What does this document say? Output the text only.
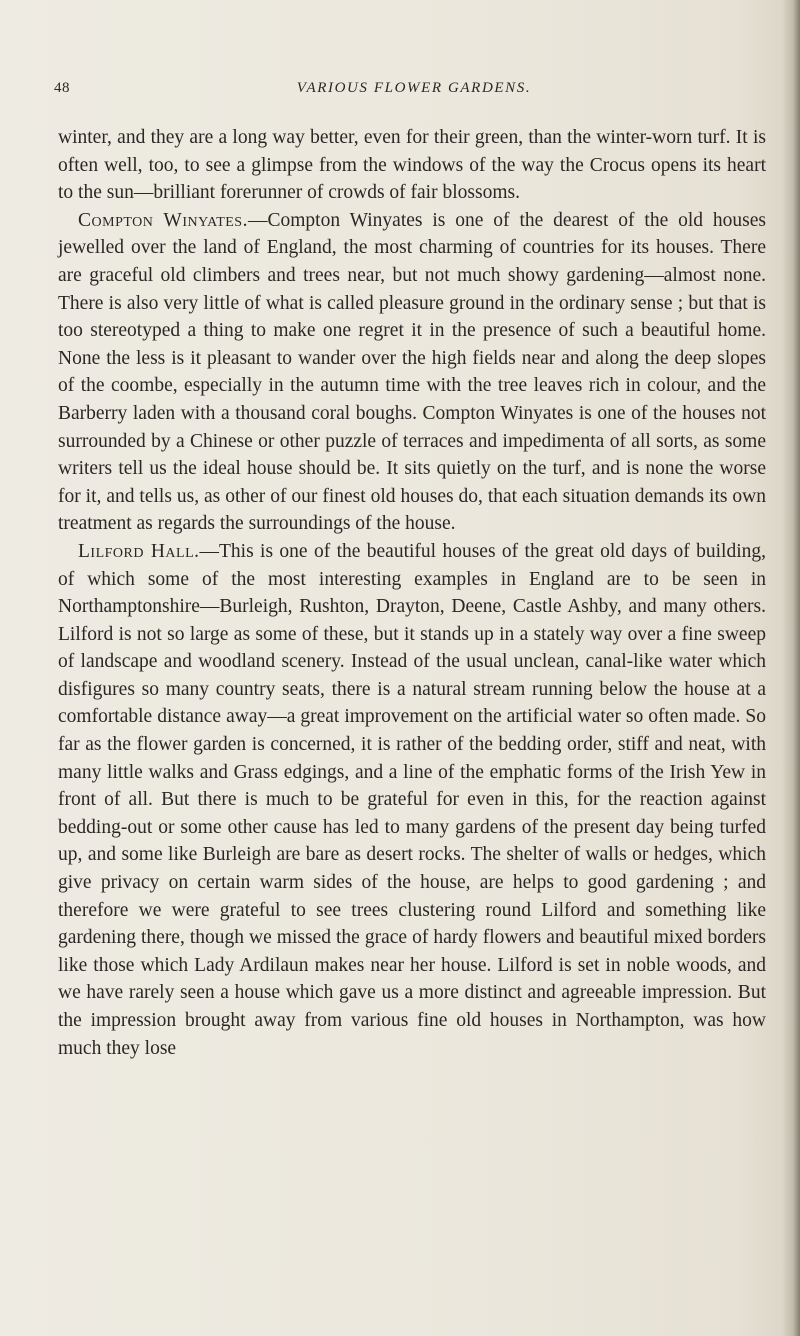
48	VARIOUS FLOWER GARDENS.

winter, and they are a long way better, even for their green, than the winter-worn turf. It is often well, too, to see a glimpse from the windows of the way the Crocus opens its heart to the sun—brilliant forerunner of crowds of fair blossoms.

Compton Winyates.—Compton Winyates is one of the dearest of the old houses jewelled over the land of England, the most charming of countries for its houses. There are graceful old climbers and trees near, but not much showy gardening—almost none. There is also very little of what is called pleasure ground in the ordinary sense ; but that is too stereotyped a thing to make one regret it in the presence of such a beautiful home. None the less is it pleasant to wander over the high fields near and along the deep slopes of the coombe, especially in the autumn time with the tree leaves rich in colour, and the Barberry laden with a thousand coral boughs. Compton Winyates is one of the houses not surrounded by a Chinese or other puzzle of terraces and impedimenta of all sorts, as some writers tell us the ideal house should be. It sits quietly on the turf, and is none the worse for it, and tells us, as other of our finest old houses do, that each situation demands its own treatment as regards the surroundings of the house.

Lilford Hall.—This is one of the beautiful houses of the great old days of building, of which some of the most interesting examples in England are to be seen in Northamptonshire—Burleigh, Rushton, Drayton, Deene, Castle Ashby, and many others. Lilford is not so large as some of these, but it stands up in a stately way over a fine sweep of landscape and woodland scenery. Instead of the usual unclean, canal-like water which disfigures so many country seats, there is a natural stream running below the house at a comfortable distance away—a great improvement on the artificial water so often made. So far as the flower garden is concerned, it is rather of the bedding order, stiff and neat, with many little walks and Grass edgings, and a line of the emphatic forms of the Irish Yew in front of all. But there is much to be grateful for even in this, for the reaction against bedding-out or some other cause has led to many gardens of the present day being turfed up, and some like Burleigh are bare as desert rocks. The shelter of walls or hedges, which give privacy on certain warm sides of the house, are helps to good gardening ; and therefore we were grateful to see trees clustering round Lilford and something like gardening there, though we missed the grace of hardy flowers and beautiful mixed borders like those which Lady Ardilaun makes near her house. Lilford is set in noble woods, and we have rarely seen a house which gave us a more distinct and agreeable impression. But the impression brought away from various fine old houses in Northampton, was how much they lose
